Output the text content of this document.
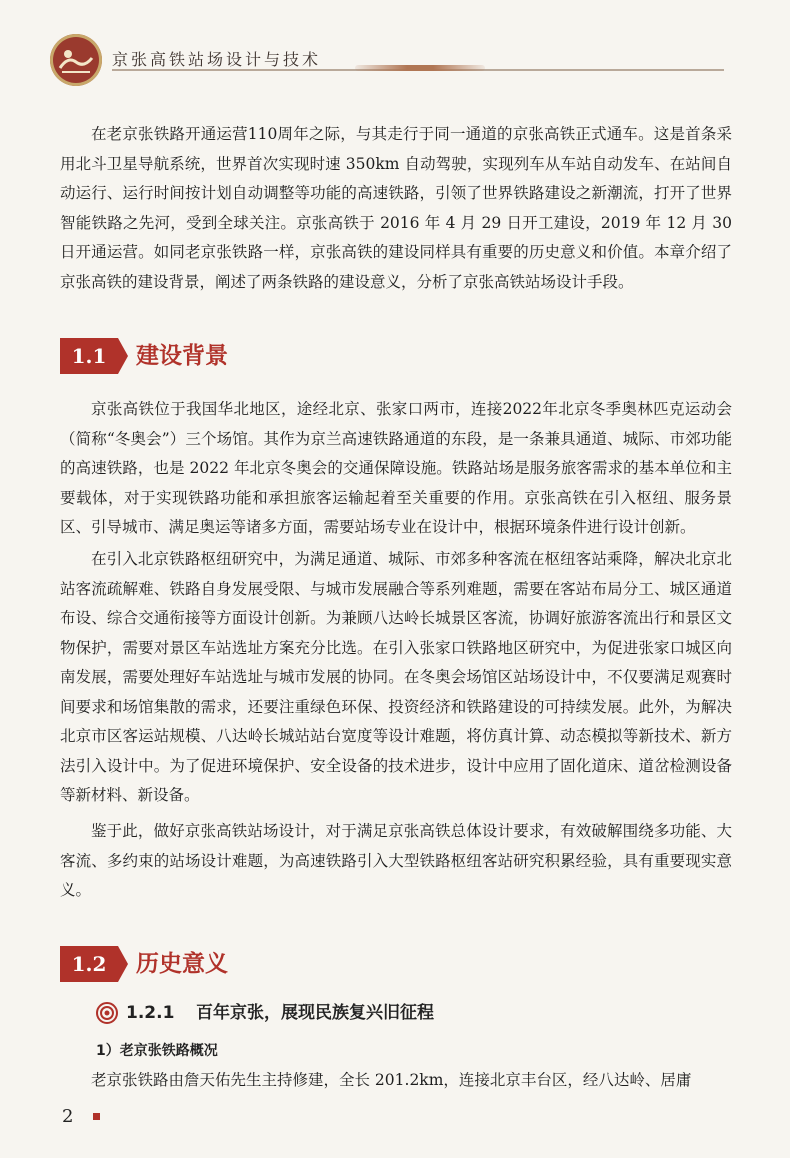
京张高铁站场设计与技术

在老京张铁路开通运营110周年之际，与其走行于同一通道的京张高铁正式通车。这是首条采用北斗卫星导航系统，世界首次实现时速 350km 自动驾驶，实现列车从车站自动发车、在站间自动运行、运行时间按计划自动调整等功能的高速铁路，引领了世界铁路建设之新潮流，打开了世界智能铁路之先河，受到全球关注。京张高铁于 2016 年 4 月 29 日开工建设，2019 年 12 月 30 日开通运营。如同老京张铁路一样，京张高铁的建设同样具有重要的历史意义和价值。本章介绍了京张高铁的建设背景，阐述了两条铁路的建设意义，分析了京张高铁站场设计手段。

1.1	建设背景

京张高铁位于我国华北地区，途经北京、张家口两市，连接2022年北京冬季奥林匹克运动会（简称“冬奥会”）三个场馆。其作为京兰高速铁路通道的东段，是一条兼具通道、城际、市郊功能的高速铁路，也是 2022 年北京冬奥会的交通保障设施。铁路站场是服务旅客需求的基本单位和主要载体，对于实现铁路功能和承担旅客运输起着至关重要的作用。京张高铁在引入枢纽、服务景区、引导城市、满足奥运等诸多方面，需要站场专业在设计中，根据环境条件进行设计创新。

在引入北京铁路枢纽研究中，为满足通道、城际、市郊多种客流在枢纽客站乘降，解决北京北站客流疏解难、铁路自身发展受限、与城市发展融合等系列难题，需要在客站布局分工、城区通道布设、综合交通衔接等方面设计创新。为兼顾八达岭长城景区客流，协调好旅游客流出行和景区文物保护，需要对景区车站选址方案充分比选。在引入张家口铁路地区研究中，为促进张家口城区向南发展，需要处理好车站选址与城市发展的协同。在冬奥会场馆区站场设计中，不仅要满足观赛时间要求和场馆集散的需求，还要注重绿色环保、投资经济和铁路建设的可持续发展。此外，为解决北京市区客运站规模、八达岭长城站站台宽度等设计难题，将仿真计算、动态模拟等新技术、新方法引入设计中。为了促进环境保护、安全设备的技术进步，设计中应用了固化道床、道岔检测设备等新材料、新设备。

鉴于此，做好京张高铁站场设计，对于满足京张高铁总体设计要求，有效破解围绕多功能、大客流、多约束的站场设计难题，为高速铁路引入大型铁路枢纽客站研究积累经验，具有重要现实意义。

1.2	历史意义
1.2.1 百年京张，展现民族复兴旧征程
1）老京张铁路概况

老京张铁路由詹天佑先生主持修建，全长 201.2km，连接北京丰台区，经八达岭、居庸

2
